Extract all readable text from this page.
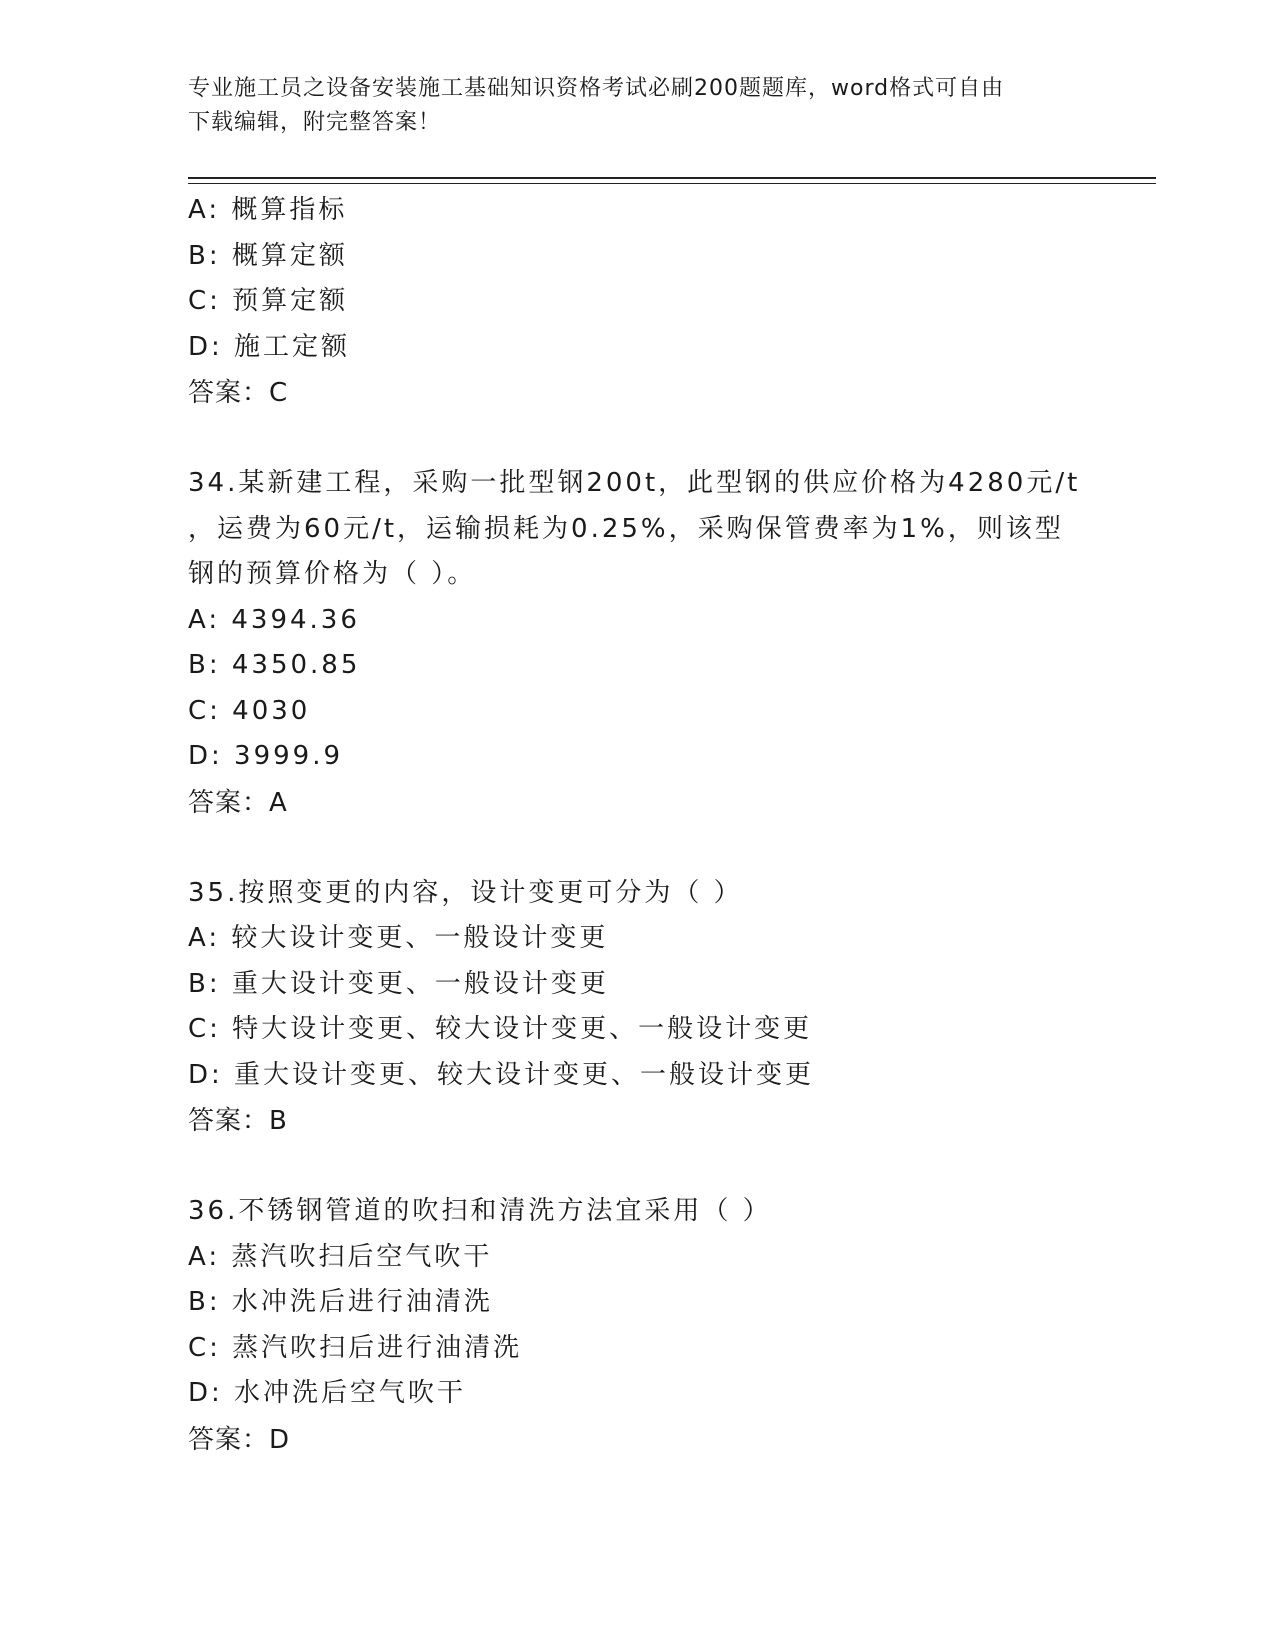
专业施工员之设备安装施工基础知识资格考试必刷200题题库，word格式可自由
下载编辑，附完整答案！
A: 概算指标
B: 概算定额
C: 预算定额
D: 施工定额
答案：C
34.某新建工程，采购一批型钢200t，此型钢的供应价格为4280元/t
，运费为60元/t，运输损耗为0.25%，采购保管费率为1%，则该型
钢的预算价格为（ ）。
A: 4394.36
B: 4350.85
C: 4030
D: 3999.9
答案：A
35.按照变更的内容，设计变更可分为（ ）
A: 较大设计变更、一般设计变更
B: 重大设计变更、一般设计变更
C: 特大设计变更、较大设计变更、一般设计变更
D: 重大设计变更、较大设计变更、一般设计变更
答案：B
36.不锈钢管道的吹扫和清洗方法宜采用（ ）
A: 蒸汽吹扫后空气吹干
B: 水冲洗后进行油清洗
C: 蒸汽吹扫后进行油清洗
D: 水冲洗后空气吹干
答案：D
